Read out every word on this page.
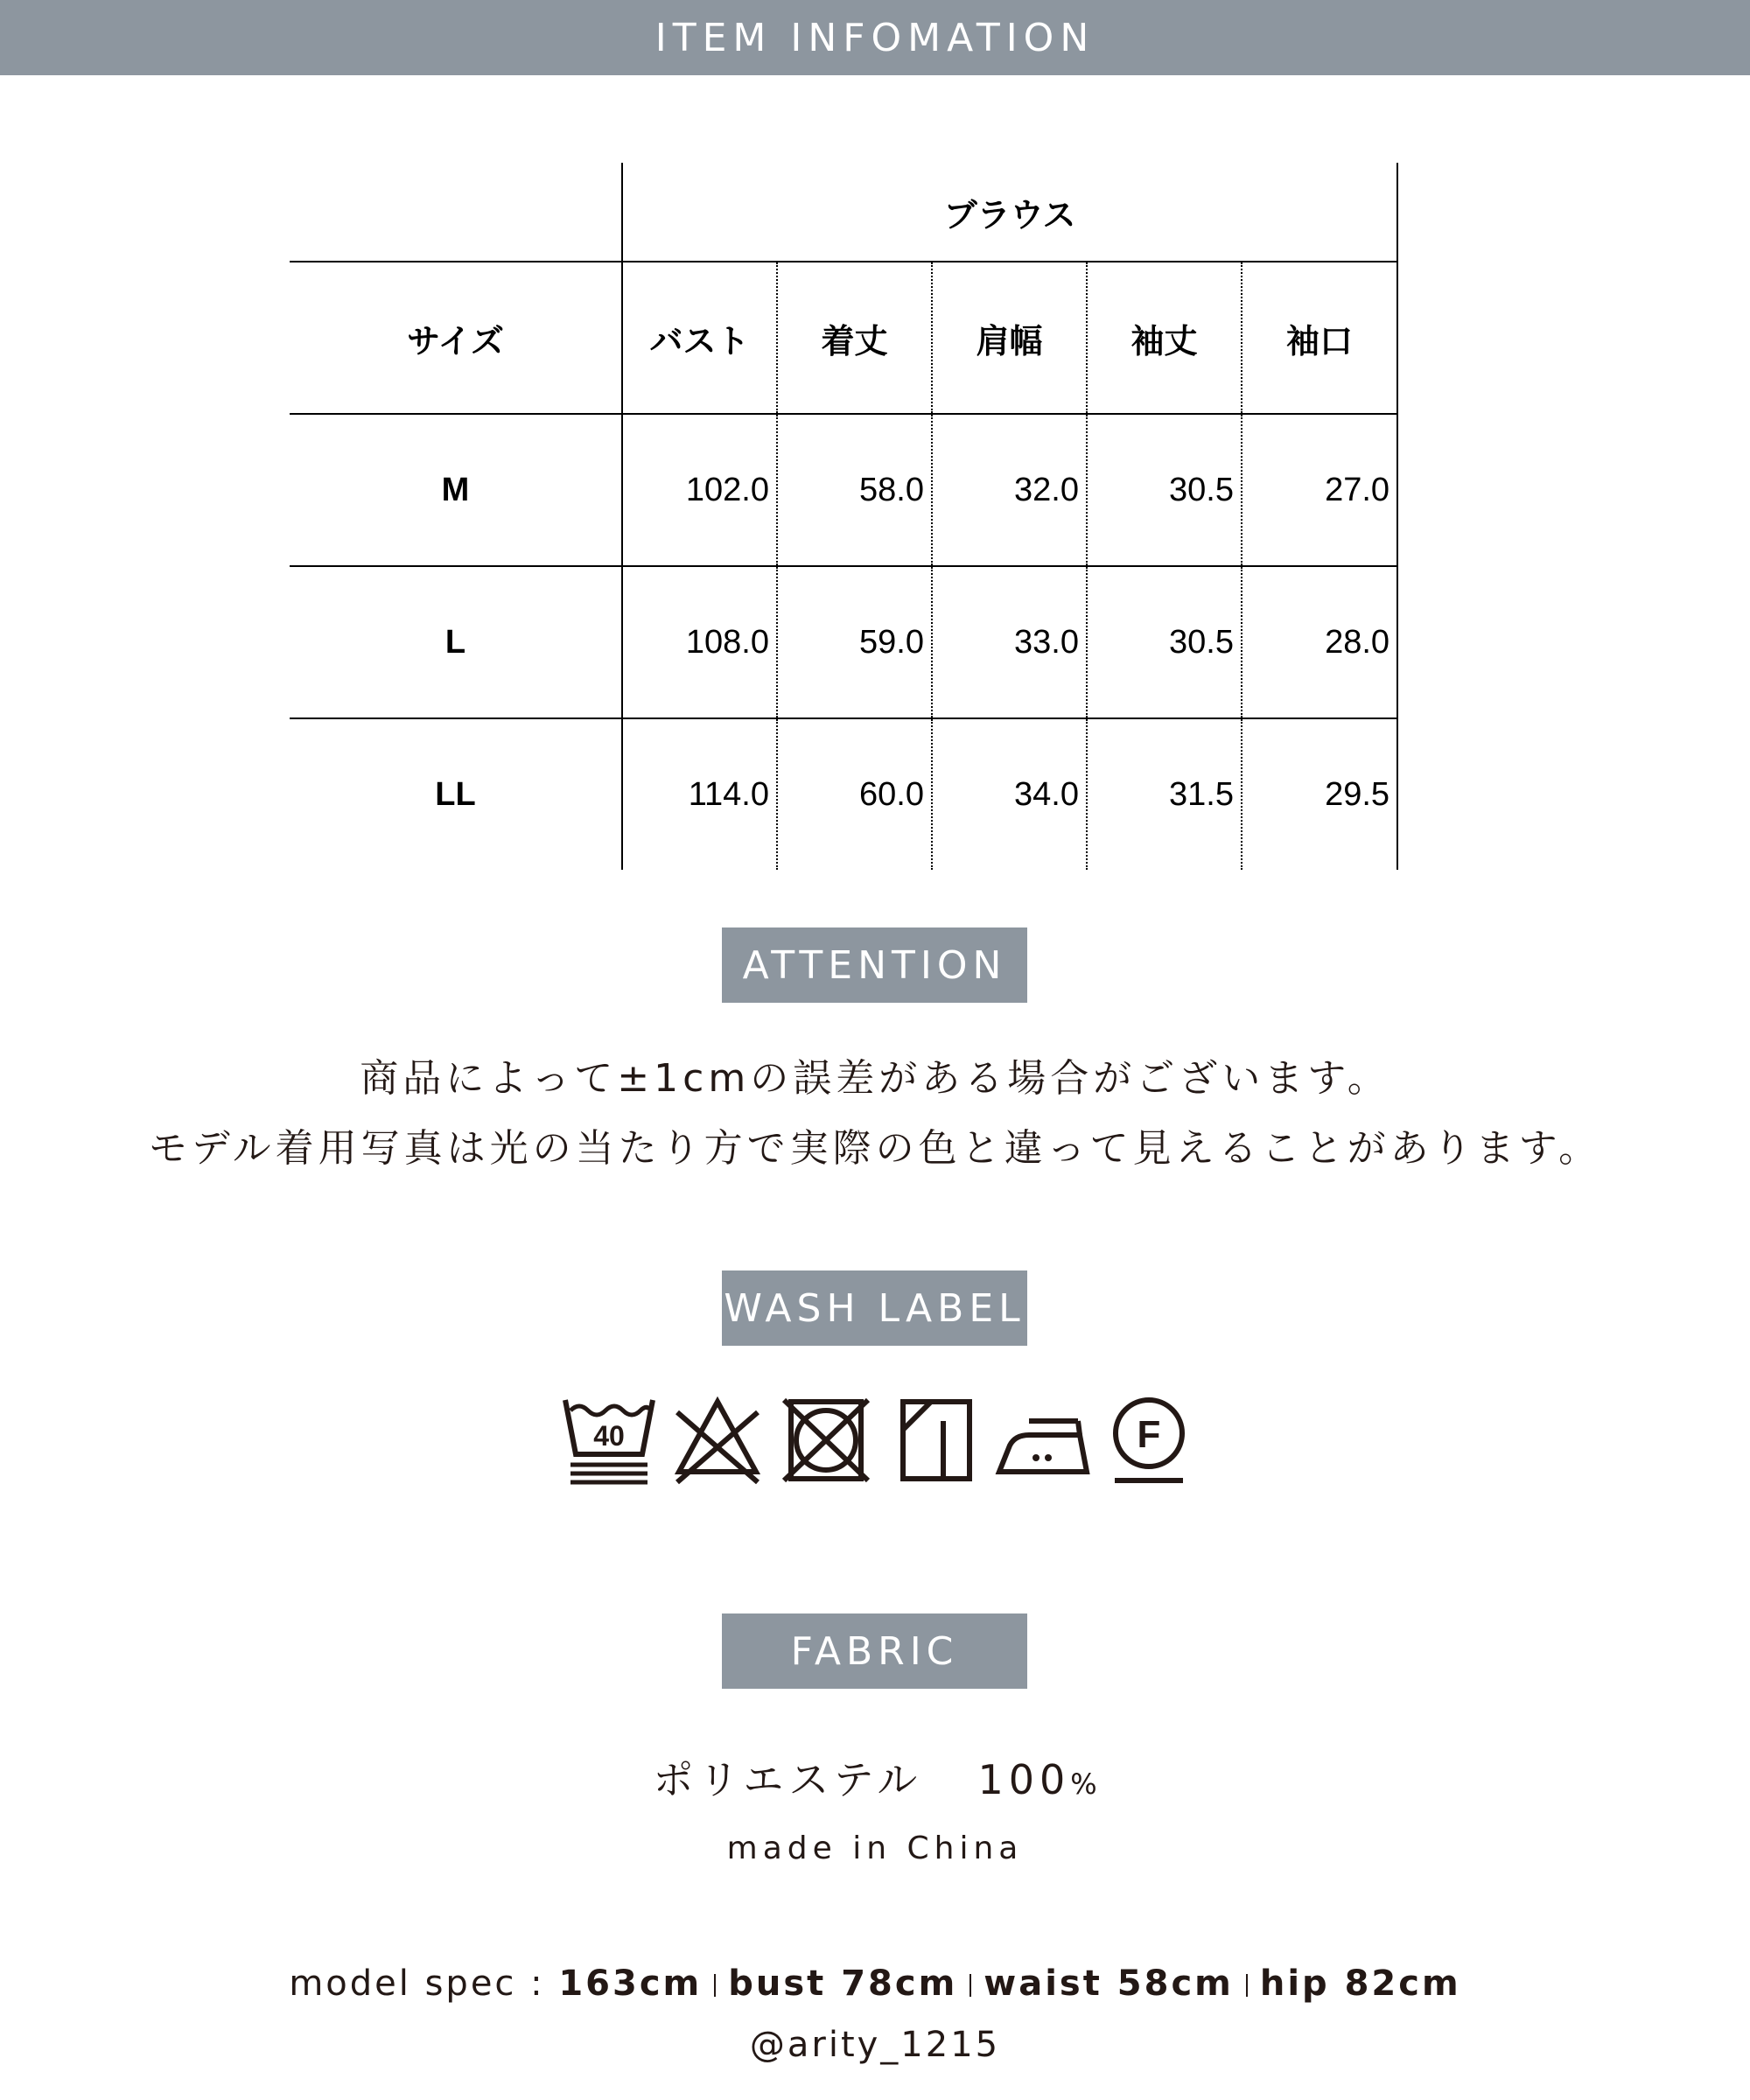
ITEM INFOMATION
	ブラウス				
サイズ	バスト	着丈	肩幅	袖丈	袖口
M	102.0	58.0	32.0	30.5	27.0
L	108.0	59.0	33.0	30.5	28.0
LL	114.0	60.0	34.0	31.5	29.5
ATTENTION
商品によって±1cmの誤差がある場合がございます。
モデル着用写真は光の当たり方で実際の色と違って見えることがあります。
WASH LABEL
40	F
FABRIC
ポリエステル 100%
made in China
model spec : 163cm bust 78cm waist 58cm hip 82cm
@arity_1215
